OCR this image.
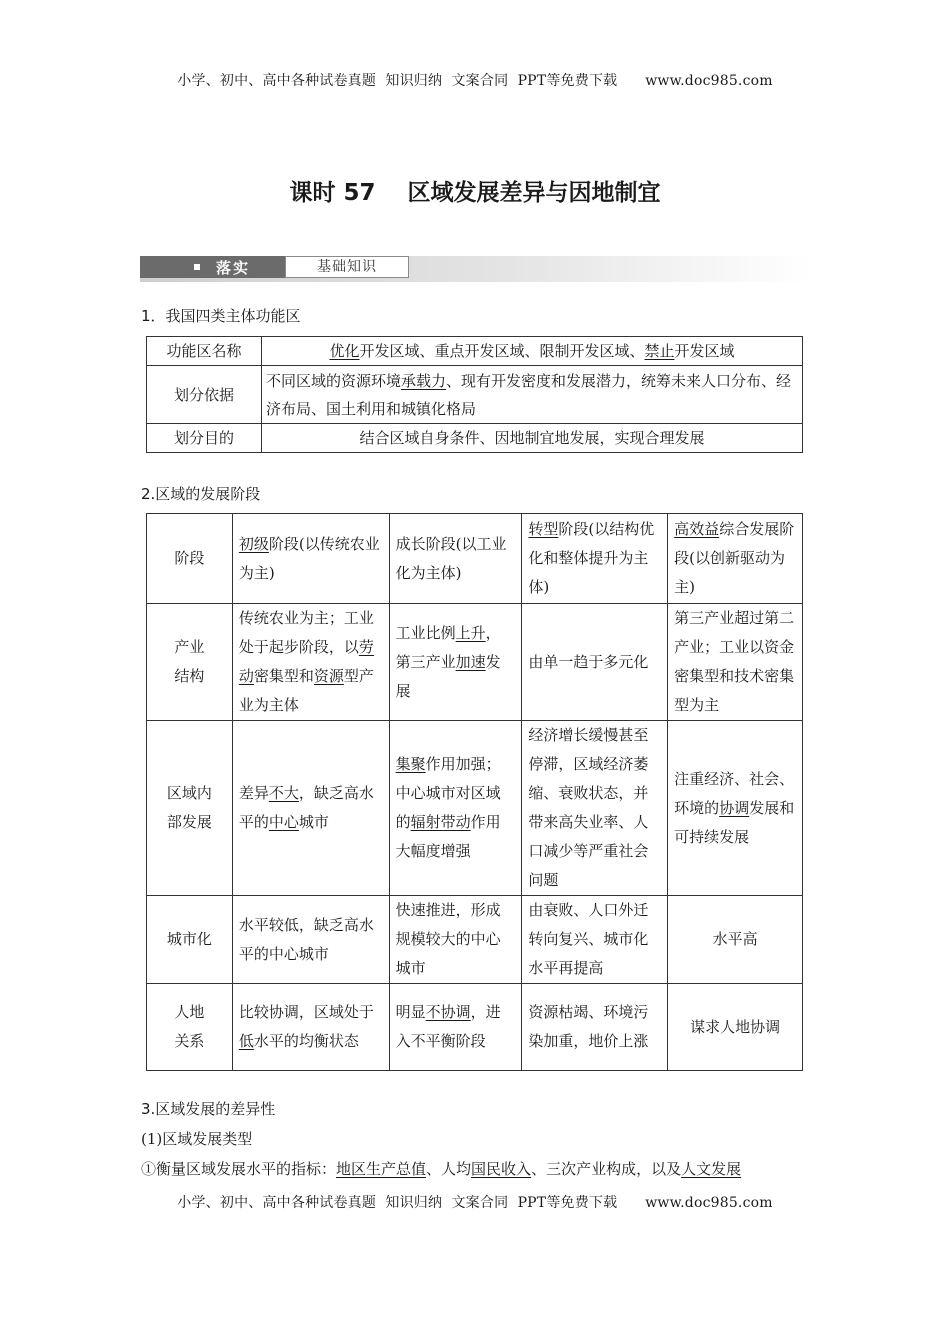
小学、初中、高中各种试卷真题  知识归纳  文案合同  PPT等免费下载      www.doc985.com
课时 57    区域发展差异与因地制宜
落实	基础知识
1．我国四类主体功能区
功能区名称	优化开发区域、重点开发区域、限制开发区域、禁止开发区域
划分依据	不同区域的资源环境承载力、现有开发密度和发展潜力，统筹未来人口分布、经济布局、国土利用和城镇化格局
划分目的	结合区域自身条件、因地制宜地发展，实现合理发展
2.区域的发展阶段
阶段	初级阶段(以传统农业为主)	成长阶段(以工业化为主体)	转型阶段(以结构优化和整体提升为主体)	高效益综合发展阶段(以创新驱动为主)
产业
结构	传统农业为主；工业处于起步阶段，以劳动密集型和资源型产业为主体	工业比例上升，第三产业加速发展	由单一趋于多元化	第三产业超过第二产业；工业以资金密集型和技术密集型为主
区域内
部发展	差异不大，缺乏高水平的中心城市	集聚作用加强；中心城市对区域的辐射带动作用大幅度增强	经济增长缓慢甚至停滞，区域经济萎缩、衰败状态，并带来高失业率、人口减少等严重社会问题	注重经济、社会、环境的协调发展和可持续发展
城市化	水平较低，缺乏高水平的中心城市	快速推进，形成规模较大的中心城市	由衰败、人口外迁转向复兴、城市化水平再提高	水平高
人地
关系	比较协调，区域处于低水平的均衡状态	明显不协调，进入不平衡阶段	资源枯竭、环境污染加重，地价上涨	谋求人地协调
3.区域发展的差异性
(1)区域发展类型
①衡量区域发展水平的指标：地区生产总值、人均国民收入、三次产业构成，以及人文发展
小学、初中、高中各种试卷真题  知识归纳  文案合同  PPT等免费下载      www.doc985.com
